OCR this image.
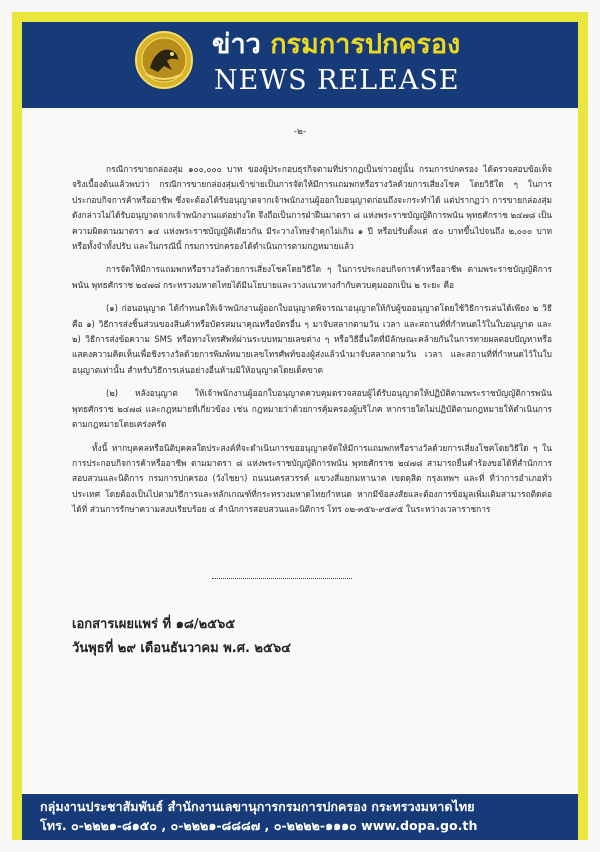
ข่าว กรมการปกครอง
NEWS RELEASE
-๒-

กรณีการขายกล่องสุ่ม ๑๐๐,๐๐๐ บาท ของผู้ประกอบธุรกิจตามที่ปรากฏเป็นข่าวอยู่นั้น กรมการปกครอง ได้ตรวจสอบข้อเท็จจริงเบื้องต้นแล้วพบว่า กรณีการขายกล่องสุ่มเข้าข่ายเป็นการจัดให้มีการแถมพกหรือรางวัลด้วยการเสี่ยงโชค โดยวิธีใด ๆ ในการประกอบกิจการค้าหรืออาชีพ ซึ่งจะต้องได้รับอนุญาตจากเจ้าพนักงานผู้ออกใบอนุญาตก่อนถึงจะกระทำได้ แต่ปรากฏว่า การขายกล่องสุ่มดังกล่าวไม่ได้รับอนุญาตจากเจ้าพนักงานแต่อย่างใด จึงถือเป็นการฝ่าฝืนมาตรา ๘ แห่งพระราชบัญญัติการพนัน พุทธศักราช ๒๔๗๘ เป็นความผิดตามมาตรา ๑๔ แห่งพระราชบัญญัติเดียวกัน มีระวางโทษจำคุกไม่เกิน ๑ ปี หรือปรับตั้งแต่ ๕๐ บาทขึ้นไปจนถึง ๒,๐๐๐ บาท หรือทั้งจำทั้งปรับ และในกรณีนี้ กรมการปกครองได้ดำเนินการตามกฎหมายแล้ว

การจัดให้มีการแถมพกหรือรางวัลด้วยการเสี่ยงโชคโดยวิธีใด ๆ ในการประกอบกิจการค้าหรืออาชีพ ตามพระราชบัญญัติการพนัน พุทธศักราช ๒๔๗๘ กระทรวงมหาดไทยได้มีนโยบายและวางแนวทางกำกับควบคุมออกเป็น ๒ ระยะ คือ

(๑) ก่อนอนุญาต ได้กำหนดให้เจ้าพนักงานผู้ออกใบอนุญาตพิจารณาอนุญาตให้กับผู้ขออนุญาตโดยใช้วิธีการเล่นได้เพียง ๒ วิธี คือ ๑) วิธีการส่งชิ้นส่วนของสินค้าหรือบัตรสมนาคุณหรือบัตรอื่น ๆ มาจับสลากตามวัน เวลา และสถานที่ที่กำหนดไว้ในใบอนุญาต และ ๒) วิธีการส่งข้อความ SMS หรือทางโทรศัพท์ผ่านระบบหมายเลขต่าง ๆ หรือวิธีอื่นใดที่มีลักษณะคล้ายกันในการทายผลตอบปัญหาหรือแสดงความคิดเห็นเพื่อชิงรางวัลด้วยการพิมพ์หมายเลขโทรศัพท์ของผู้ส่งแล้วนำมาจับสลากตามวัน เวลา และสถานที่ที่กำหนดไว้ในใบอนุญาตเท่านั้น สำหรับวิธีการเล่นอย่างอื่นห้ามมิให้อนุญาตโดยเด็ดขาด

(๒) หลังอนุญาต ให้เจ้าพนักงานผู้ออกใบอนุญาตควบคุมตรวจสอบผู้ได้รับอนุญาตให้ปฏิบัติตามพระราชบัญญัติการพนัน พุทธศักราช ๒๔๗๘ และกฎหมายที่เกี่ยวข้อง เช่น กฎหมายว่าด้วยการคุ้มครองผู้บริโภค หากรายใดไม่ปฏิบัติตามกฎหมายให้ดำเนินการตามกฎหมายโดยเคร่งครัด

ทั้งนี้ หากบุคคลหรือนิติบุคคลใดประสงค์ที่จะดำเนินการขออนุญาตจัดให้มีการแถมพกหรือรางวัลด้วยการเสี่ยงโชคโดยวิธีใด ๆ ในการประกอบกิจการค้าหรืออาชีพ ตามมาตรา ๘ แห่งพระราชบัญญัติการพนัน พุทธศักราช ๒๔๗๘ สามารถยื่นคำร้องขอได้ที่สำนักการสอบสวนและนิติการ กรมการปกครอง (วังไชยา) ถนนนครสวรรค์ แขวงสี่แยกมหานาค เขตดุสิต กรุงเทพฯ และที่ ที่ว่าการอำเภอทั่วประเทศ โดยต้องเป็นไปตามวิธีการและหลักเกณฑ์ที่กระทรวงมหาดไทยกำหนด หากมีข้อสงสัยและต้องการข้อมูลเพิ่มเติมสามารถติดต่อได้ที่ ส่วนการรักษาความสงบเรียบร้อย ๔ สำนักการสอบสวนและนิติการ โทร ๐๒-๓๕๖-๙๕๙๕ ในระหว่างเวลาราชการ

เอกสารเผยแพร่ ที่ ๑๘/๒๕๖๕
วันพุธที่ ๒๙ เดือนธันวาคม พ.ศ. ๒๕๖๔
กลุ่มงานประชาสัมพันธ์ สำนักงานเลขานุการกรมการปกครอง กระทรวงมหาดไทย
โทร. ๐-๒๒๒๑-๘๑๕๐ , ๐-๒๒๒๑-๘๘๘๗ , ๐-๒๒๒๒-๑๑๑๐ www.dopa.go.th
